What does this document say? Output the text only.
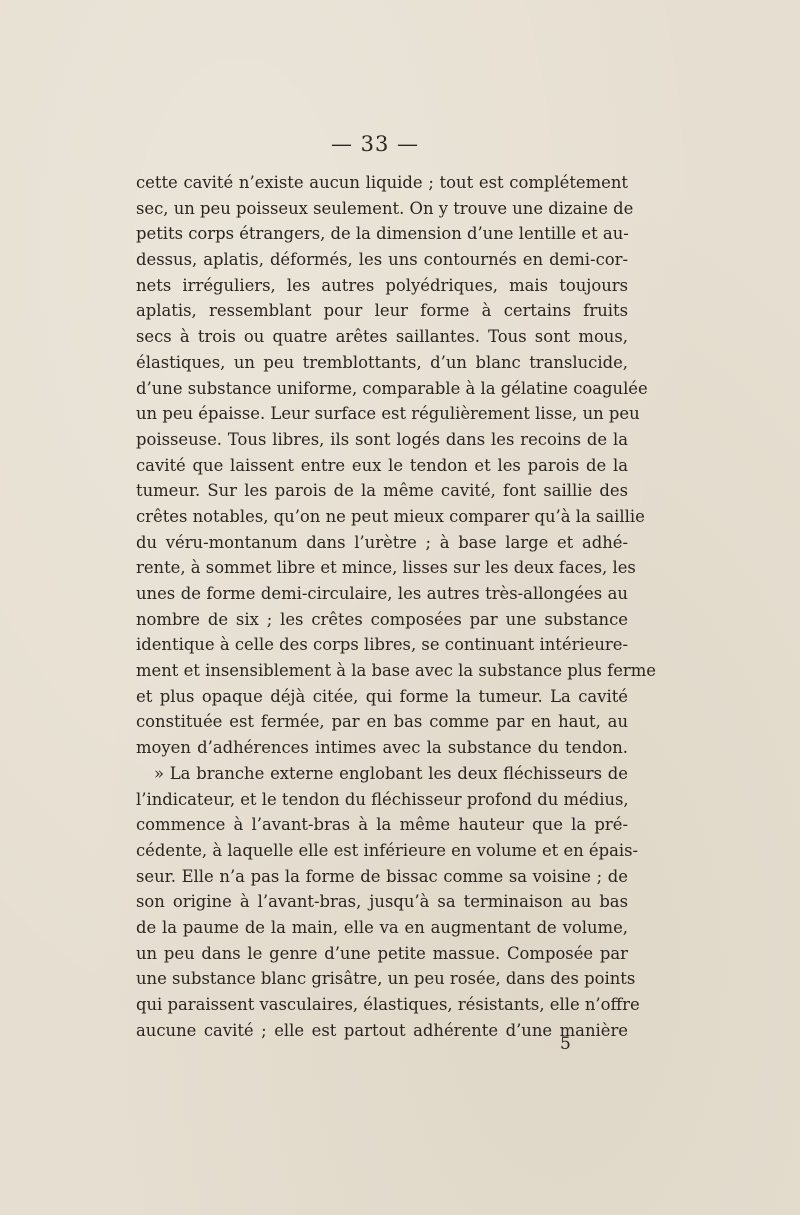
— 33 —
cette cavité n’existe aucun liquide ; tout est complétement
sec, un peu poisseux seulement. On y trouve une dizaine de
petits corps étrangers, de la dimension d’une lentille et au-
dessus, aplatis, déformés, les uns contournés en demi-cor-
nets irréguliers, les autres polyédriques, mais toujours
aplatis, ressemblant pour leur forme à certains fruits
secs à trois ou quatre arêtes saillantes. Tous sont mous,
élastiques, un peu tremblottants, d’un blanc translucide,
d’une substance uniforme, comparable à la gélatine coagulée
un peu épaisse. Leur surface est régulièrement lisse, un peu
poisseuse. Tous libres, ils sont logés dans les recoins de la
cavité que laissent entre eux le tendon et les parois de la
tumeur. Sur les parois de la même cavité, font saillie des
crêtes notables, qu’on ne peut mieux comparer qu’à la saillie
du véru-montanum dans l’urètre ; à base large et adhé-
rente, à sommet libre et mince, lisses sur les deux faces, les
unes de forme demi-circulaire, les autres très-allongées au
nombre de six ; les crêtes composées par une substance
identique à celle des corps libres, se continuant intérieure-
ment et insensiblement à la base avec la substance plus ferme
et plus opaque déjà citée, qui forme la tumeur. La cavité
constituée est fermée, par en bas comme par en haut, au
moyen d’adhérences intimes avec la substance du tendon.
» La branche externe englobant les deux fléchisseurs de
l’indicateur, et le tendon du fléchisseur profond du médius,
commence à l’avant-bras à la même hauteur que la pré-
cédente, à laquelle elle est inférieure en volume et en épais-
seur. Elle n’a pas la forme de bissac comme sa voisine ; de
son origine à l’avant-bras, jusqu’à sa terminaison au bas
de la paume de la main, elle va en augmentant de volume,
un peu dans le genre d’une petite massue. Composée par
une substance blanc grisâtre, un peu rosée, dans des points
qui paraissent vasculaires, élastiques, résistants, elle n’offre
aucune cavité ; elle est partout adhérente d’une manière
5
